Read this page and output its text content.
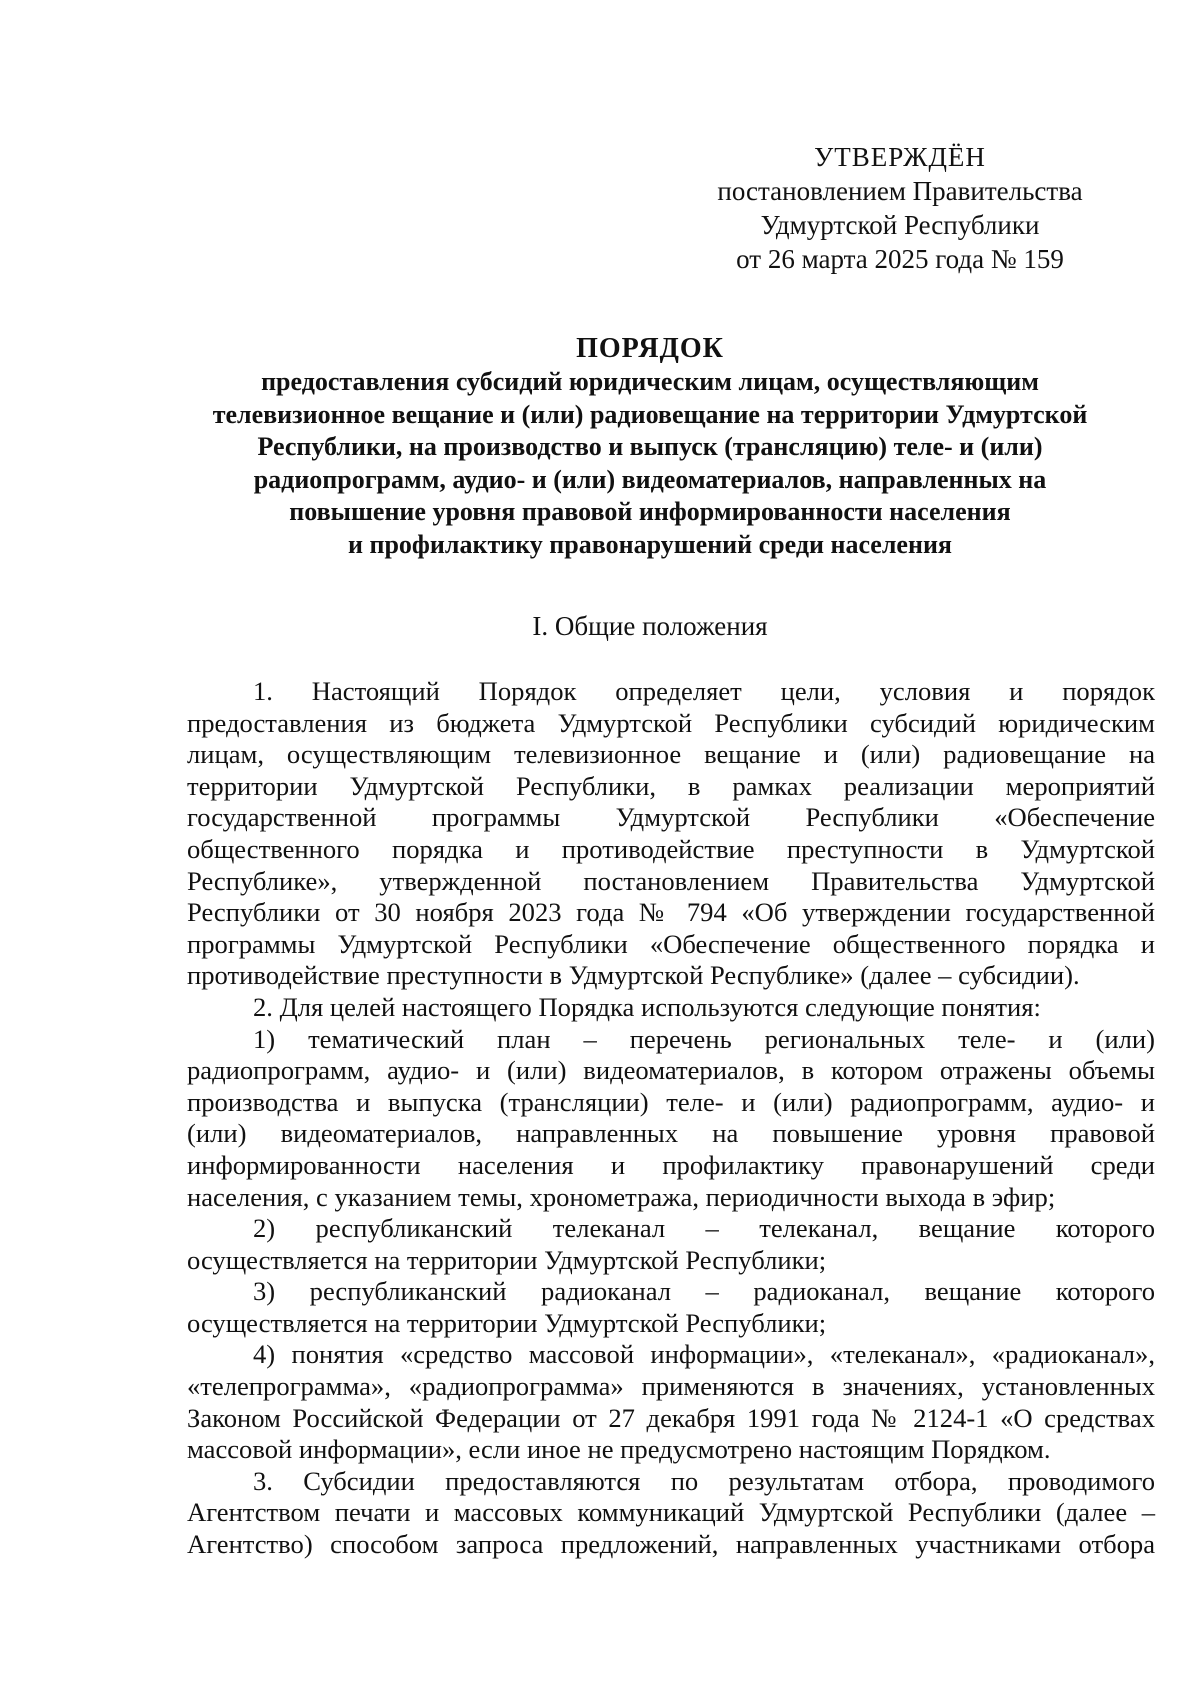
УТВЕРЖДЁН
постановлением Правительства
Удмуртской Республики
от 26 марта 2025 года № 159
ПОРЯДОК
предоставления субсидий юридическим лицам, осуществляющим
телевизионное вещание и (или) радиовещание на территории Удмуртской
Республики, на производство и выпуск (трансляцию) теле- и (или)
радиопрограмм, аудио- и (или) видеоматериалов, направленных на
повышение уровня правовой информированности населения
и профилактику правонарушений среди населения
I. Общие положения
1. Настоящий Порядок определяет цели, условия и порядок
предоставления из бюджета Удмуртской Республики субсидий юридическим
лицам, осуществляющим телевизионное вещание и (или) радиовещание на
территории Удмуртской Республики, в рамках реализации мероприятий
государственной программы Удмуртской Республики «Обеспечение
общественного порядка и противодействие преступности в Удмуртской
Республике», утвержденной постановлением Правительства Удмуртской
Республики от 30 ноября 2023 года № 794 «Об утверждении государственной
программы Удмуртской Республики «Обеспечение общественного порядка и
противодействие преступности в Удмуртской Республике» (далее – субсидии).
2. Для целей настоящего Порядка используются следующие понятия:
1) тематический план – перечень региональных теле- и (или)
радиопрограмм, аудио- и (или) видеоматериалов, в котором отражены объемы
производства и выпуска (трансляции) теле- и (или) радиопрограмм, аудио- и
(или) видеоматериалов, направленных на повышение уровня правовой
информированности населения и профилактику правонарушений среди
населения, с указанием темы, хронометража, периодичности выхода в эфир;
2) республиканский телеканал – телеканал, вещание которого
осуществляется на территории Удмуртской Республики;
3) республиканский радиоканал – радиоканал, вещание которого
осуществляется на территории Удмуртской Республики;
4) понятия «средство массовой информации», «телеканал», «радиоканал»,
«телепрограмма», «радиопрограмма» применяются в значениях, установленных
Законом Российской Федерации от 27 декабря 1991 года № 2124-1 «О средствах
массовой информации», если иное не предусмотрено настоящим Порядком.
3. Субсидии предоставляются по результатам отбора, проводимого
Агентством печати и массовых коммуникаций Удмуртской Республики (далее –
Агентство) способом запроса предложений, направленных участниками отбора
